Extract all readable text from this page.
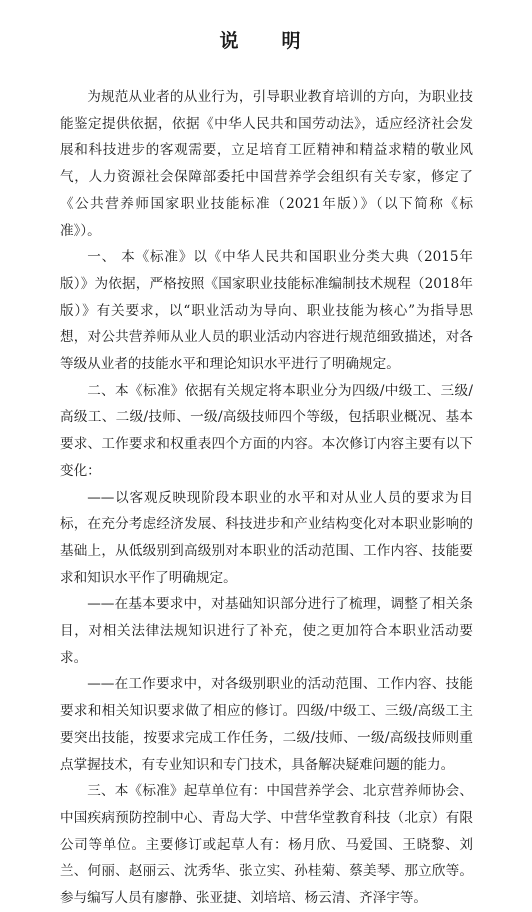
说　明

为规范从业者的从业行为，引导职业教育培训的方向，为职业技能鉴定提供依据，依据《中华人民共和国劳动法》，适应经济社会发展和科技进步的客观需要，立足培育工匠精神和精益求精的敬业风气，人力资源社会保障部委托中国营养学会组织有关专家，修定了《公共营养师国家职业技能标准（2021年版）》（以下简称《标准》）。

一、 本《标准》以《中华人民共和国职业分类大典（2015年版）》为依据，严格按照《国家职业技能标准编制技术规程（2018年版）》有关要求，以“职业活动为导向、职业技能为核心”为指导思想，对公共营养师从业人员的职业活动内容进行规范细致描述，对各等级从业者的技能水平和理论知识水平进行了明确规定。

二、本《标准》依据有关规定将本职业分为四级/中级工、三级/高级工、二级/技师、一级/高级技师四个等级，包括职业概况、基本要求、工作要求和权重表四个方面的内容。本次修订内容主要有以下变化：

——以客观反映现阶段本职业的水平和对从业人员的要求为目标，在充分考虑经济发展、科技进步和产业结构变化对本职业影响的基础上，从低级别到高级别对本职业的活动范围、工作内容、技能要求和知识水平作了明确规定。

——在基本要求中，对基础知识部分进行了梳理，调整了相关条目，对相关法律法规知识进行了补充，使之更加符合本职业活动要求。

——在工作要求中，对各级别职业的活动范围、工作内容、技能要求和相关知识要求做了相应的修订。四级/中级工、三级/高级工主要突出技能，按要求完成工作任务，二级/技师、一级/高级技师则重点掌握技术，有专业知识和专门技术，具备解决疑难问题的能力。

三、本《标准》起草单位有：中国营养学会、北京营养师协会、中国疾病预防控制中心、青岛大学、中营华堂教育科技（北京）有限公司等单位。主要修订或起草人有：杨月欣、马爱国、王晓黎、刘兰、何丽、赵丽云、沈秀华、张立实、孙桂菊、蔡美琴、那立欣等。参与编写人员有廖静、张亚捷、刘培培、杨云清、齐泽宇等。
